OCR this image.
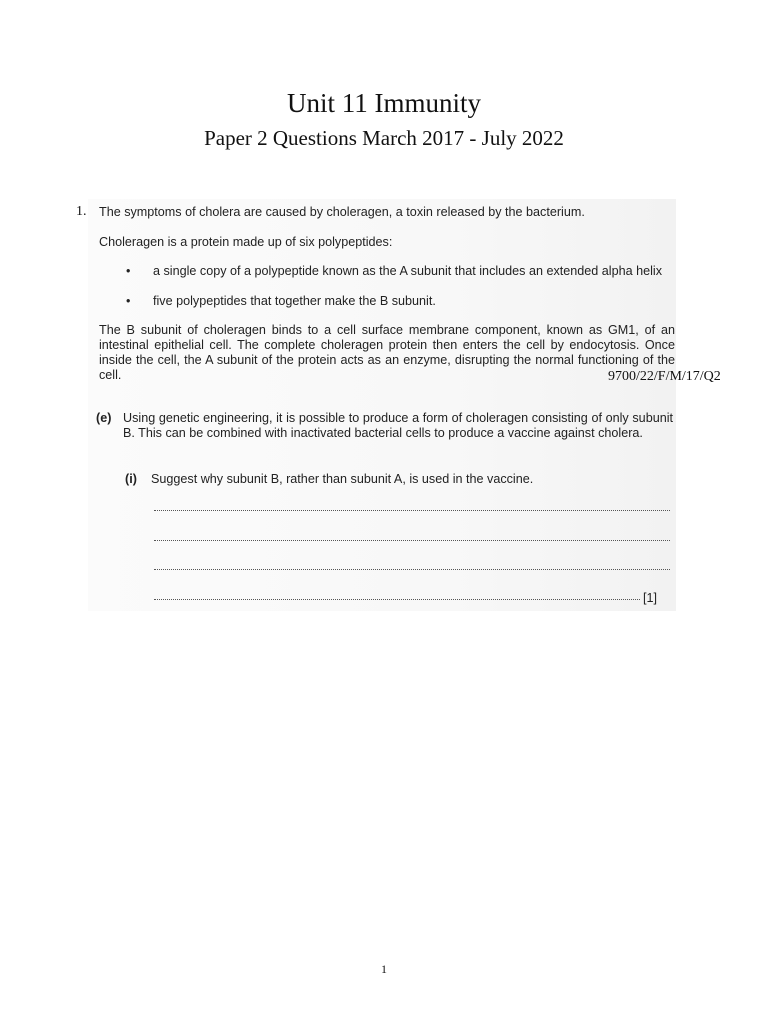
Unit 11 Immunity
Paper 2 Questions March 2017 - July 2022
1. The symptoms of cholera are caused by choleragen, a toxin released by the bacterium.

Choleragen is a protein made up of six polypeptides:

•	a single copy of a polypeptide known as the A subunit that includes an extended alpha helix
•	five polypeptides that together make the B subunit.

The B subunit of choleragen binds to a cell surface membrane component, known as GM1, of an intestinal epithelial cell. The complete choleragen protein then enters the cell by endocytosis. Once inside the cell, the A subunit of the protein acts as an enzyme, disrupting the normal functioning of the cell.	9700/22/F/M/17/Q2
(e) Using genetic engineering, it is possible to produce a form of choleragen consisting of only subunit B. This can be combined with inactivated bacterial cells to produce a vaccine against cholera.
(i) Suggest why subunit B, rather than subunit A, is used in the vaccine.
[1]
1
